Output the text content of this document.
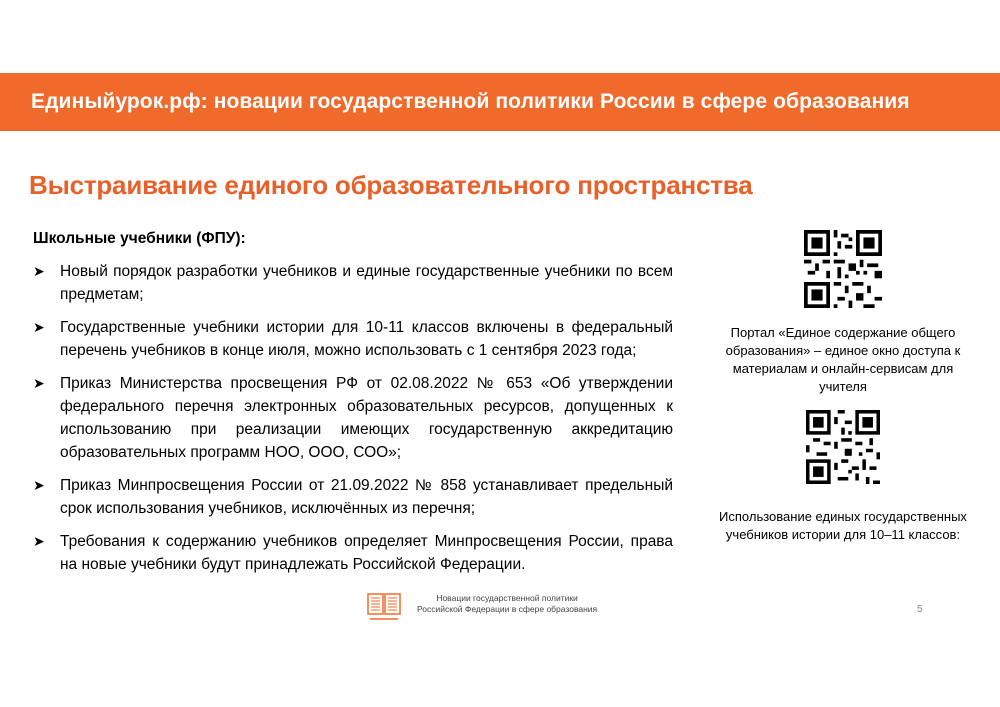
Единыйурок.рф: новации государственной политики России в сфере образования
Выстраивание единого образовательного пространства
Школьные учебники (ФПУ):
➤ Новый порядок разработки учебников и единые государственные учебники по всем предметам;
➤ Государственные учебники истории для 10-11 классов включены в федеральный перечень учебников в конце июля, можно использовать с 1 сентября 2023 года;
➤ Приказ Министерства просвещения РФ от 02.08.2022 № 653 «Об утверждении федерального перечня электронных образовательных ресурсов, допущенных к использованию при реализации имеющих государственную аккредитацию образовательных программ НОО, ООО, СОО»;
➤ Приказ Минпросвещения России от 21.09.2022 № 858 устанавливает предельный срок использования учебников, исключённых из перечня;
➤ Требования к содержанию учебников определяет Минпросвещения России, права на новые учебники будут принадлежать Российской Федерации.
Портал «Единое содержание общего образования» – единое окно доступа к материалам и онлайн-сервисам для учителя
Использование единых государственных учебников истории для 10–11 классов:
Новации государственной политики
Российской Федерации в сфере образования	5
